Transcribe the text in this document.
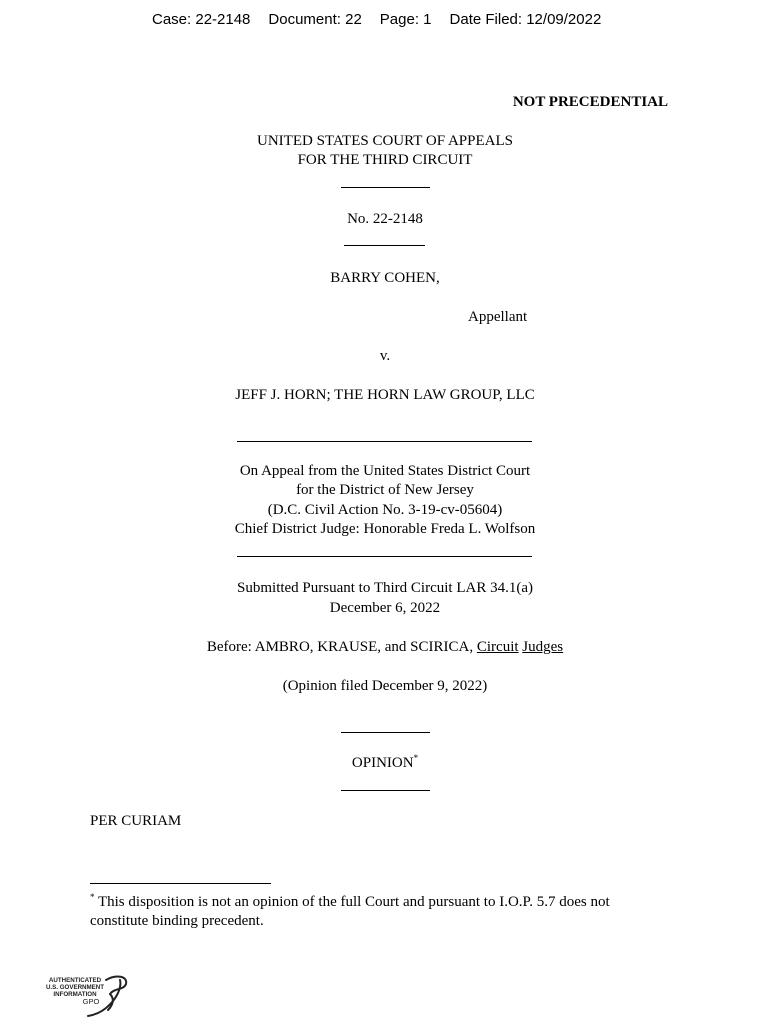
Case: 22-2148 Document: 22 Page: 1 Date Filed: 12/09/2022
NOT PRECEDENTIAL
UNITED STATES COURT OF APPEALS
FOR THE THIRD CIRCUIT
No. 22-2148
BARRY COHEN,
Appellant
v.
JEFF J. HORN; THE HORN LAW GROUP, LLC
On Appeal from the United States District Court
for the District of New Jersey
(D.C. Civil Action No. 3-19-cv-05604)
Chief District Judge: Honorable Freda L. Wolfson
Submitted Pursuant to Third Circuit LAR 34.1(a)
December 6, 2022
Before: AMBRO, KRAUSE, and SCIRICA, Circuit Judges
(Opinion filed December 9, 2022)
OPINION*
PER CURIAM
* This disposition is not an opinion of the full Court and pursuant to I.O.P. 5.7 does not
constitute binding precedent.
AUTHENTICATED
U.S. GOVERNMENT
INFORMATION
GPO
